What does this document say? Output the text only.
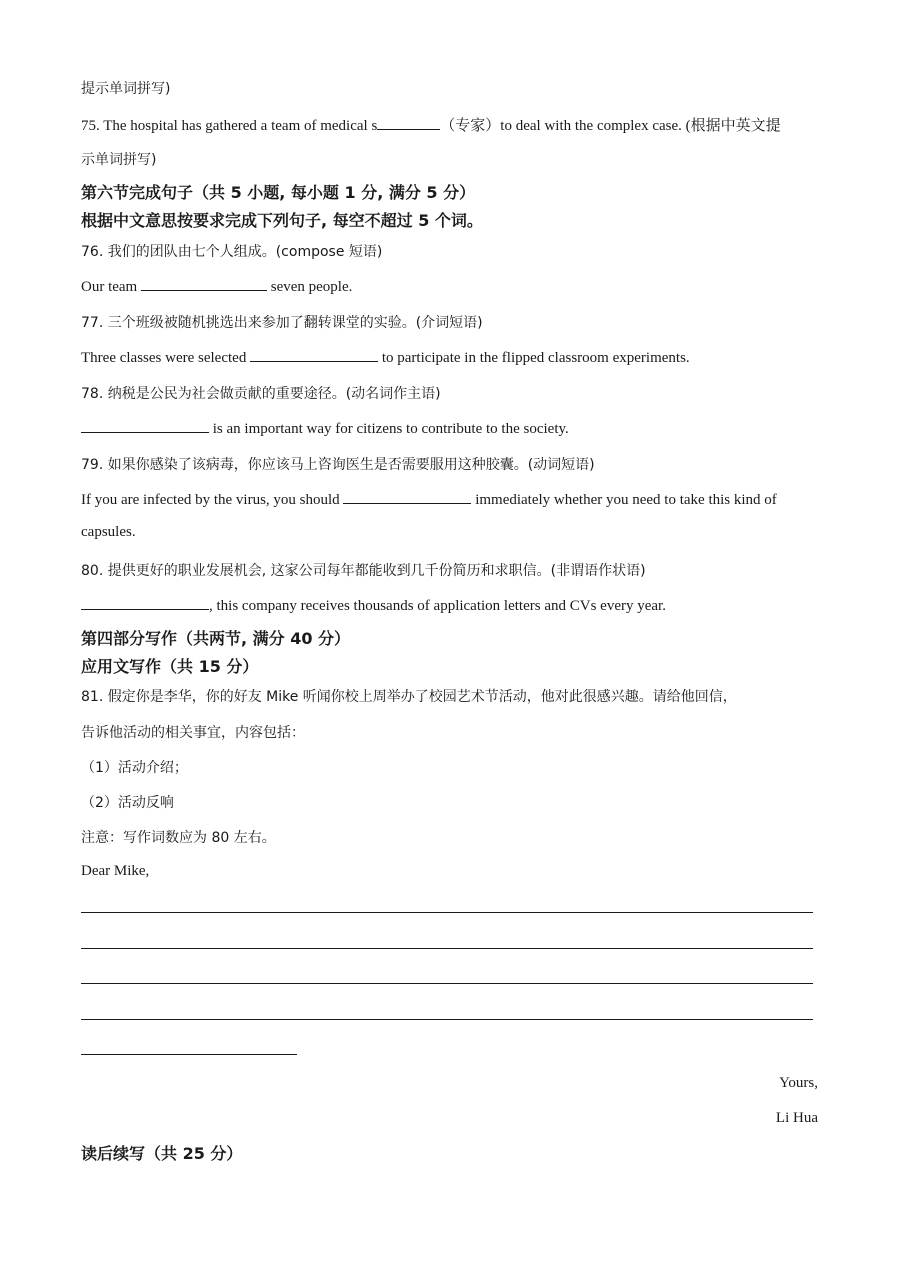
提示单词拼写)
75. The hospital has gathered a team of medical s	（专家）to deal with the complex case. (根据中英文提
示单词拼写)
第六节完成句子（共 5 小题, 每小题 1 分, 满分 5 分）
根据中文意思按要求完成下列句子, 每空不超过 5 个词。
76. 我们的团队由七个人组成。(compose 短语)
Our team	seven people.
77. 三个班级被随机挑选出来参加了翻转课堂的实验。(介词短语)
Three classes were selected	to participate in the flipped classroom experiments.
78. 纳税是公民为社会做贡献的重要途径。(动名词作主语)
is an important way for citizens to contribute to the society.
79. 如果你感染了该病毒，你应该马上咨询医生是否需要服用这种胶囊。(动词短语)
If you are infected by the virus, you should	immediately whether you need to take this kind of
capsules.
80. 提供更好的职业发展机会, 这家公司每年都能收到几千份简历和求职信。(非谓语作状语)
, this company receives thousands of application letters and CVs every year.
第四部分写作（共两节, 满分 40 分）
应用文写作（共 15 分）
81. 假定你是李华，你的好友 Mike 听闻你校上周举办了校园艺术节活动，他对此很感兴趣。请给他回信，
告诉他活动的相关事宜，内容包括：
（1）活动介绍；
（2）活动反响
注意：写作词数应为 80 左右。
Dear Mike,
Yours,
Li Hua
读后续写（共 25 分）
